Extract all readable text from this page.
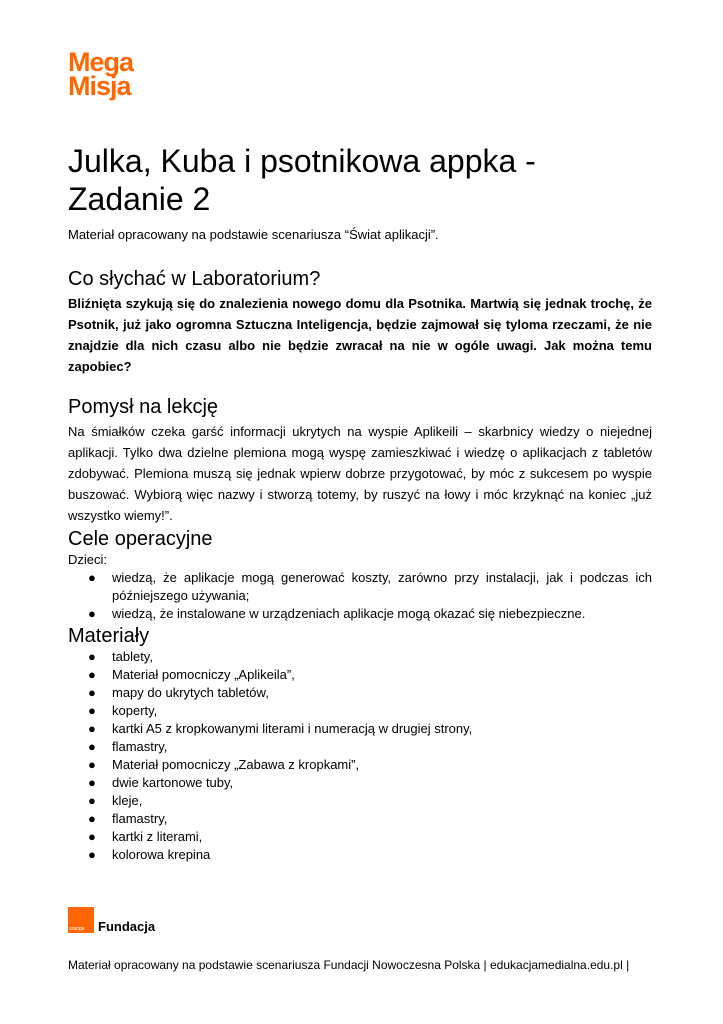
Mega
Misja
Julka, Kuba i psotnikowa appka - Zadanie 2
Materiał opracowany na podstawie scenariusza “Świat aplikacji”.
Co słychać w Laboratorium?

Bliźnięta szykują się do znalezienia nowego domu dla Psotnika. Martwią się jednak trochę, że Psotnik, już jako ogromna Sztuczna Inteligencja, będzie zajmował się tyloma rzeczami, że nie znajdzie dla nich czasu albo nie będzie zwracał na nie w ogóle uwagi. Jak można temu zapobiec?

Pomysł na lekcję

Na śmiałków czeka garść informacji ukrytych na wyspie Aplikeili – skarbnicy wiedzy o niejednej aplikacji. Tylko dwa dzielne plemiona mogą wyspę zamieszkiwać i wiedzę o aplikacjach z tabletów zdobywać. Plemiona muszą się jednak wpierw dobrze przygotować, by móc z sukcesem po wyspie buszować. Wybiorą więc nazwy i stworzą totemy, by ruszyć na łowy i móc krzyknąć na koniec „już wszystko wiemy!”.

Cele operacyjne
Dzieci:
● wiedzą, że aplikacje mogą generować koszty, zarówno przy instalacji, jak i podczas ich późniejszego używania;
● wiedzą, że instalowane w urządzeniach aplikacje mogą okazać się niebezpieczne.
Materiały
● tablety,
● Materiał pomocniczy „Aplikeila”,
● mapy do ukrytych tabletów,
● koperty,
● kartki A5 z kropkowanymi literami i numeracją w drugiej strony,
● flamastry,
● Materiał pomocniczy „Zabawa z kropkami”,
● dwie kartonowe tuby,
● kleje,
● flamastry,
● kartki z literami,
● kolorowa krepina
orange Fundacja
Materiał opracowany na podstawie scenariusza Fundacji Nowoczesna Polska | edukacjamedialna.edu.pl |
